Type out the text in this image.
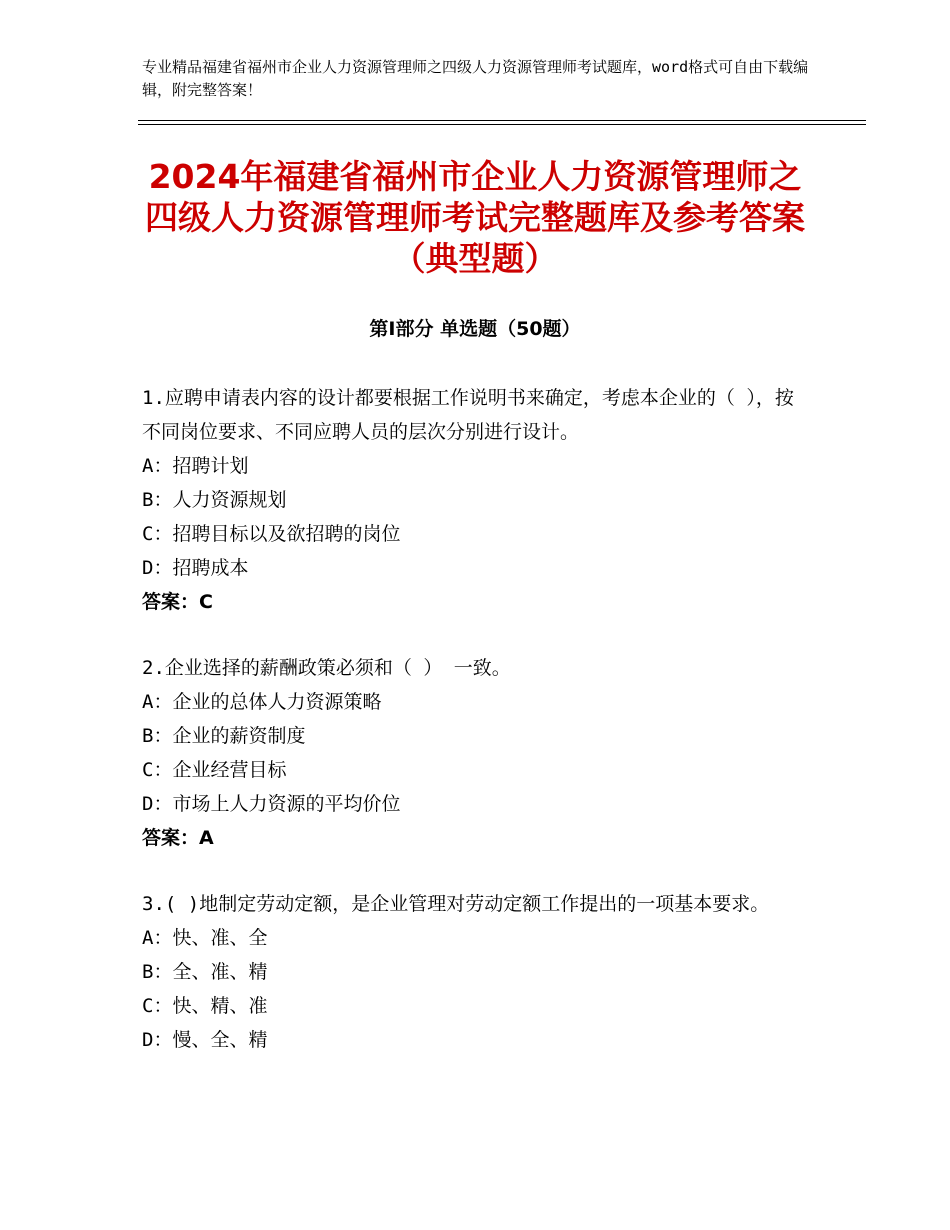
专业精品福建省福州市企业人力资源管理师之四级人力资源管理师考试题库，word格式可自由下载编辑，附完整答案！
2024年福建省福州市企业人力资源管理师之四级人力资源管理师考试完整题库及参考答案（典型题）
第Ⅰ部分 单选题（50题）

1.应聘申请表内容的设计都要根据工作说明书来确定，考虑本企业的（ ），按不同岗位要求、不同应聘人员的层次分别进行设计。

A：招聘计划

B：人力资源规划

C：招聘目标以及欲招聘的岗位

D：招聘成本

答案：C

2.企业选择的薪酬政策必须和（ ） 一致。

A：企业的总体人力资源策略

B：企业的薪资制度

C：企业经营目标

D：市场上人力资源的平均价位

答案：A

3.( )地制定劳动定额，是企业管理对劳动定额工作提出的一项基本要求。

A：快、准、全

B：全、准、精

C：快、精、准

D：慢、全、精
